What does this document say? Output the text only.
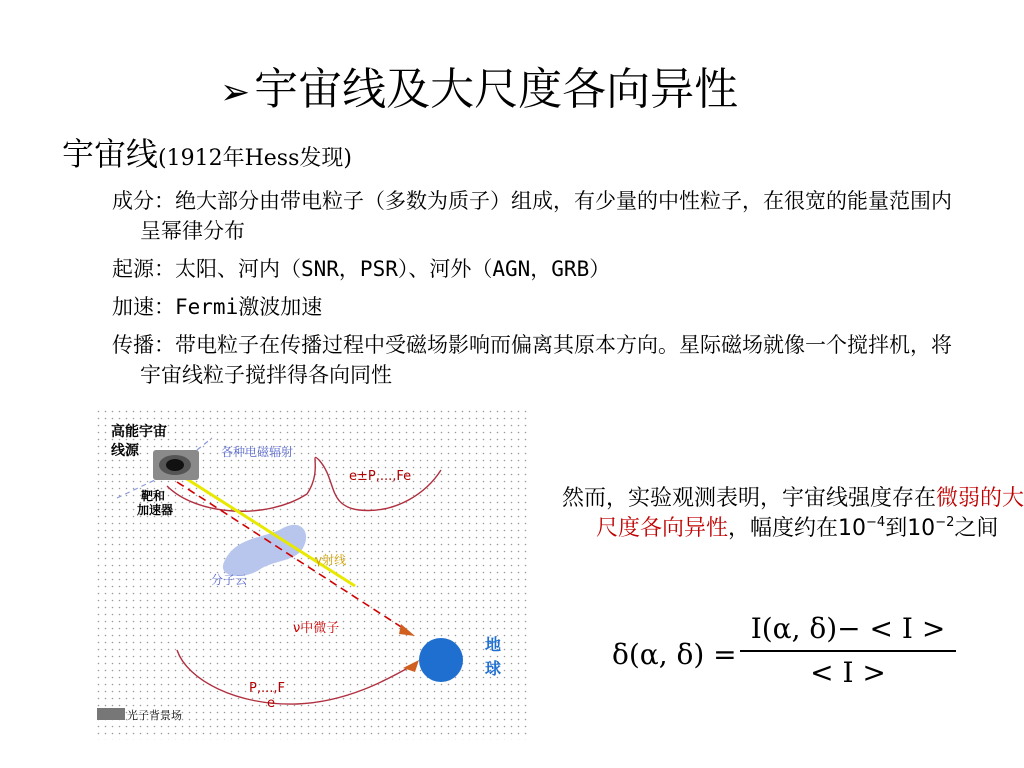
➢宇宙线及大尺度各向异性
宇宙线(1912年Hess发现)
成分：绝大部分由带电粒子（多数为质子）组成，有少量的中性粒子，在很宽的能量范围内呈幂律分布
起源：太阳、河内（SNR，PSR）、河外（AGN，GRB）
加速：Fermi激波加速
传播：带电粒子在传播过程中受磁场影响而偏离其原本方向。星际磁场就像一个搅拌机，将宇宙线粒子搅拌得各向同性
高能宇宙
线源	各种电磁辐射
e±P,...,Fe
靶和
加速器
γ射线
分子云
ν中微子
地
球
P,...,F
e
光子背景场
然而，实验观测表明，宇宙线强度存在微弱的大尺度各向异性，幅度约在$10^{-4}$到$10^{-2}$之间
δ(α, δ) =
I(α, δ)− < I >
< I >
